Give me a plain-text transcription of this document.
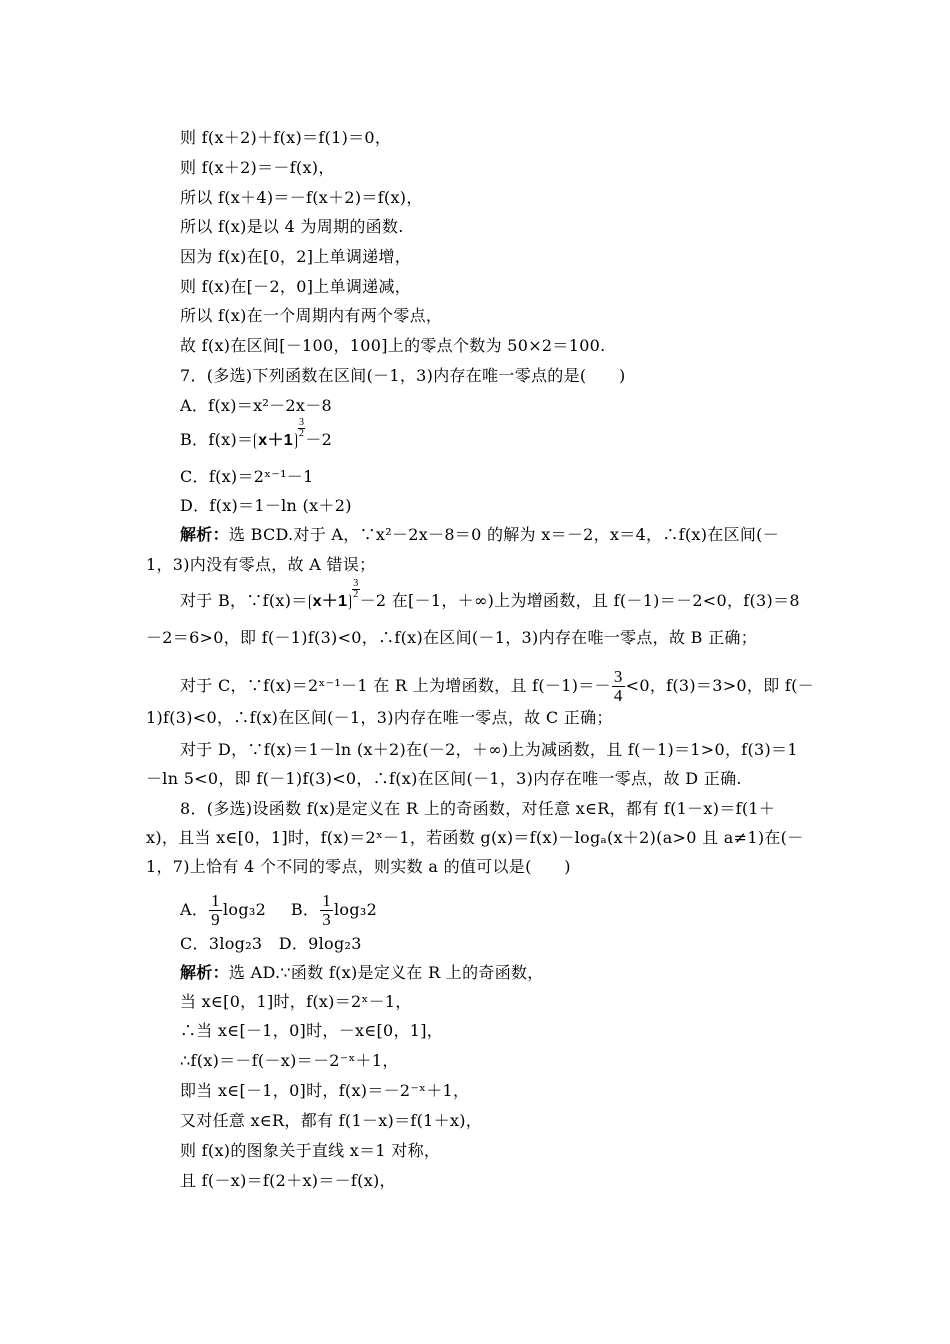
则 f(x＋2)＋f(x)＝f(1)＝0，
则 f(x＋2)＝－f(x)，
所以 f(x＋4)＝－f(x＋2)＝f(x)，
所以 f(x)是以 4 为周期的函数.
因为 f(x)在[0，2]上单调递增，
则 f(x)在[－2，0]上单调递减，
所以 f(x)在一个周期内有两个零点，
故 f(x)在区间[－100，100]上的零点个数为 50×2＝100.
7．(多选)下列函数在区间(－1，3)内存在唯一零点的是(　　)
A．f(x)＝x²－2x－8
B．f(x)＝ x＋1
$\frac{3}{2}$
－2
C．f(x)＝2ˣ⁻¹－1
D．f(x)＝1－ln (x＋2)
解析：选 BCD.对于 A，∵x²－2x－8＝0 的解为 x＝－2，x＝4，∴f(x)在区间(－
1，3)内没有零点，故 A 错误；
对于 B，∵f(x)＝ x＋1
$\frac{3}{2}$
－2 在[－1，＋∞)上为增函数，且 f(－1)＝－2<0，f(3)＝8
－2＝6>0，即 f(－1)f(3)<0，∴f(x)在区间(－1，3)内存在唯一零点，故 B 正确；
对于 C，∵f(x)＝2ˣ⁻¹－1 在 R 上为增函数，且 $f(-1)=- \frac{3}{4} <0$，f(3)＝3>0，即 f(－
1)f(3)<0，∴f(x)在区间(－1，3)内存在唯一零点，故 C 正确；
对于 D，∵f(x)＝1－ln (x＋2)在(－2，＋∞)上为减函数，且 f(－1)＝1>0，f(3)＝1
－ln 5<0，即 f(－1)f(3)<0，∴f(x)在区间(－1，3)内存在唯一零点，故 D 正确.
8．(多选)设函数 f(x)是定义在 R 上的奇函数，对任意 x∈R，都有 f(1－x)＝f(1＋
x)，且当 x∈[0，1]时，f(x)＝2ˣ－1，若函数 g(x)＝f(x)－logₐ(x＋2)(a>0 且 a≠1)在(－
1，7)上恰有 4 个不同的零点，则实数 a 的值可以是(　　)
A． $\frac{1}{9} \log_32$ B． $\frac{1}{3} \log_32$
C．3log₂3　D．9log₂3
解析：选 AD.∵函数 f(x)是定义在 R 上的奇函数，
当 x∈[0，1]时，f(x)＝2ˣ－1，
∴当 x∈[－1，0]时，－x∈[0，1]，
∴f(x)＝－f(－x)＝－2⁻ˣ＋1，
即当 x∈[－1，0]时，f(x)＝－2⁻ˣ＋1，
又对任意 x∈R，都有 f(1－x)＝f(1＋x)，
则 f(x)的图象关于直线 x＝1 对称，
且 f(－x)＝f(2＋x)＝－f(x)，
